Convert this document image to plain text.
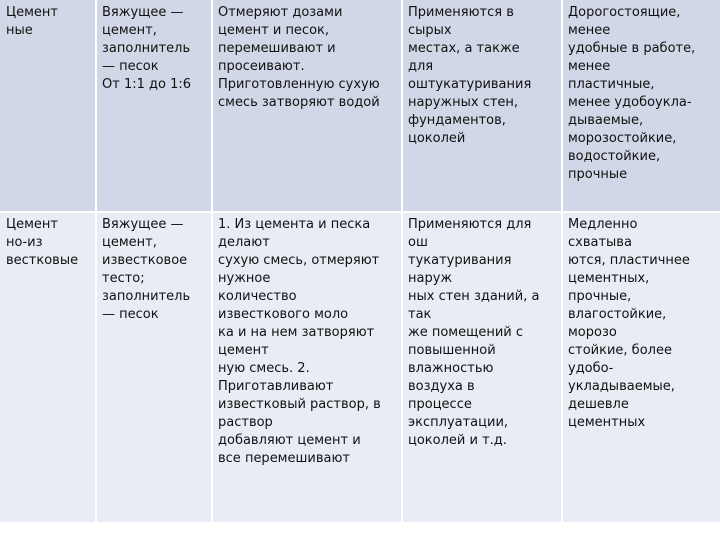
Цемент
ные
Вяжущее —
цемент,
заполнитель
— песок
От 1:1 до 1:6
Отмеряют дозами
цемент и песок,
перемешивают и
просеивают.
Приготовленную сухую
смесь затворяют водой
Применяются в
сырых
местах, а также
для
оштукатуривания
наружных стен,
фундаментов,
цоколей
Дорогостоящие,
менее
удобные в работе,
менее
пластичные,
менее удобоукла-
дываемые,
морозостойкие,
водостойкие,
прочные
Цемент
но-из
вестковые
Вяжущее —
цемент,
известковое
тесто;
заполнитель
— песок
1. Из цемента и песка
делают
сухую смесь, отмеряют
нужное
количество
известкового моло
ка и на нем затворяют
цемент
ную смесь. 2.
Приготавливают
известковый раствор, в
раствор
добавляют цемент и
все перемешивают
Применяются для
ош
тукатуривания
наруж
ных стен зданий, а
так
же помещений с
повышенной
влажностью
воздуха в
процессе
эксплуатации,
цоколей и т.д.
Медленно
схватыва
ются, пластичнее
цементных,
прочные,
влагостойкие,
морозо
стойкие, более
удобо-
укладываемые,
дешевле
цементных
